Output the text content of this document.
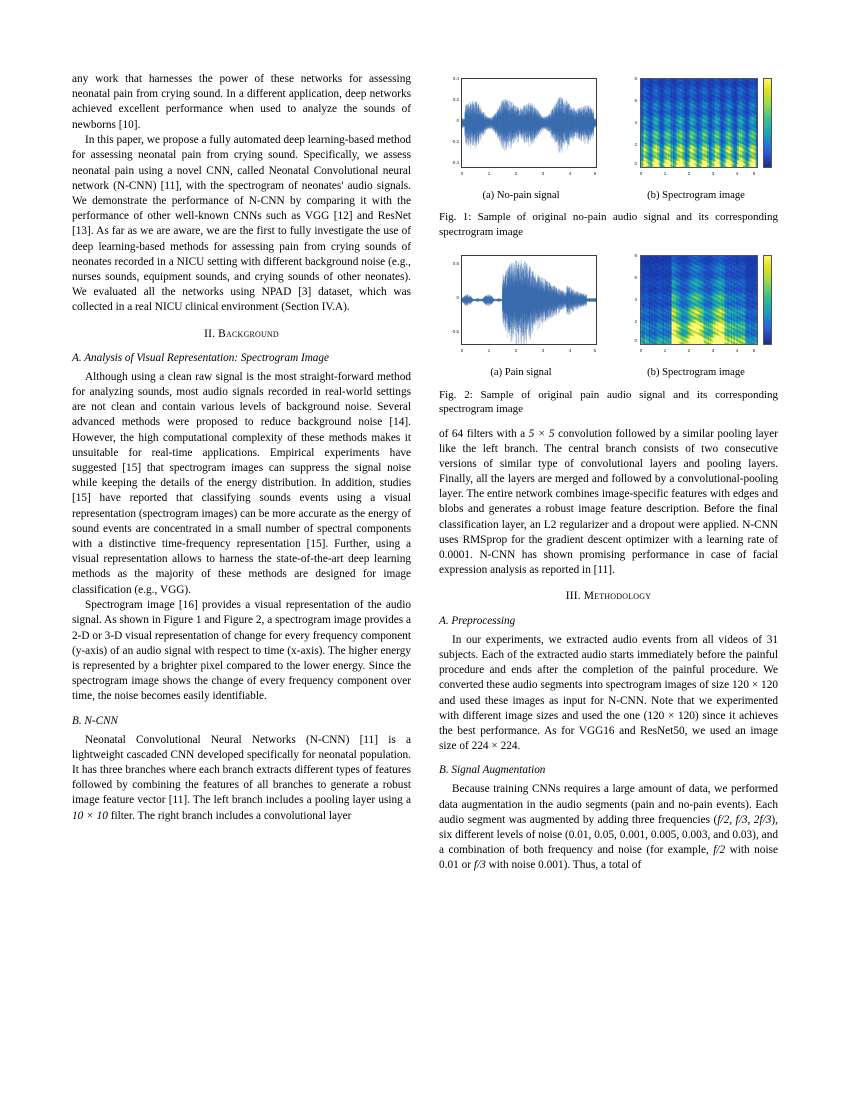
any work that harnesses the power of these networks for assessing neonatal pain from crying sound. In a different application, deep networks achieved excellent performance when used to analyze the sounds of newborns [10].

In this paper, we propose a fully automated deep learning-based method for assessing neonatal pain from crying sound. Specifically, we assess neonatal pain using a novel CNN, called Neonatal Convolutional neural network (N-CNN) [11], with the spectrogram of neonates' audio signals. We demonstrate the performance of N-CNN by comparing it with the performance of other well-known CNNs such as VGG [12] and ResNet [13]. As far as we are aware, we are the first to fully investigate the use of deep learning-based methods for assessing pain from crying sounds of neonates recorded in a NICU setting with different background noise (e.g., nurses sounds, equipment sounds, and crying sounds of other neonates). We evaluated all the networks using NPAD [3] dataset, which was collected in a real NICU clinical environment (Section IV.A).

II. Background
A. Analysis of Visual Representation: Spectrogram Image

Although using a clean raw signal is the most straight-forward method for analyzing sounds, most audio signals recorded in real-world settings are not clean and contain various levels of background noise. Several advanced methods were proposed to reduce background noise [14]. However, the high computational complexity of these methods makes it unsuitable for real-time applications. Empirical experiments have suggested [15] that spectrogram images can suppress the signal noise while keeping the details of the energy distribution. In addition, studies [15] have reported that classifying sounds events using a visual representation (spectrogram images) can be more accurate as the energy of sound events are concentrated in a small number of spectral components with a distinctive time-frequency representation [15]. Further, using a visual representation allows to harness the state-of-the-art deep learning methods as the majority of these methods are designed for image classification (e.g., VGG).

Spectrogram image [16] provides a visual representation of the audio signal. As shown in Figure 1 and Figure 2, a spectrogram image provides a 2-D or 3-D visual representation of change for every frequency component (y-axis) of an audio signal with respect to time (x-axis). The higher energy is represented by a brighter pixel compared to the lower energy. Since the spectrogram image shows the change of every frequency component over time, the noise becomes easily identifiable.

B. N-CNN

Neonatal Convolutional Neural Networks (N-CNN) [11] is a lightweight cascaded CNN developed specifically for neonatal population. It has three branches where each branch extracts different types of features followed by combining the features of all branches to generate a robust image feature vector [11]. The left branch includes a pooling layer using a 10 × 10 filter. The right branch includes a convolutional layer

0.4
0.2
0
-0.2
-0.4
0	1	2	3	4	5
(a) No-pain signal
8
6
4
2
0
0	1	2	3	4	5
(b) Spectrogram image
Fig. 1: Sample of original no-pain audio signal and its corresponding spectrogram image
0.5
0
-0.5
0	1	2	3	4	5
(a) Pain signal
8
6
4
2
0
0	1	2	3	4	5
(b) Spectrogram image
Fig. 2: Sample of original pain audio signal and its corresponding spectrogram image

of 64 filters with a 5 × 5 convolution followed by a similar pooling layer like the left branch. The central branch consists of two consecutive versions of similar type of convolutional layers and pooling layers. Finally, all the layers are merged and followed by a convolutional-pooling layer. The entire network combines image-specific features with edges and blobs and generates a robust image feature description. Before the final classification layer, an L2 regularizer and a dropout were applied. N-CNN uses RMSprop for the gradient descent optimizer with a learning rate of 0.0001. N-CNN has shown promising performance in case of facial expression analysis as reported in [11].

III. Methodology
A. Preprocessing

In our experiments, we extracted audio events from all videos of 31 subjects. Each of the extracted audio starts immediately before the painful procedure and ends after the completion of the painful procedure. We converted these audio segments into spectrogram images of size 120 × 120 and used these images as input for N-CNN. Note that we experimented with different image sizes and used the one (120 × 120) since it achieves the best performance. As for VGG16 and ResNet50, we used an image size of 224 × 224.

B. Signal Augmentation

Because training CNNs requires a large amount of data, we performed data augmentation in the audio segments (pain and no-pain events). Each audio segment was augmented by adding three frequencies (f/2, f/3, 2f/3), six different levels of noise (0.01, 0.05, 0.001, 0.005, 0.003, and 0.03), and a combination of both frequency and noise (for example, f/2 with noise 0.01 or f/3 with noise 0.001). Thus, a total of
